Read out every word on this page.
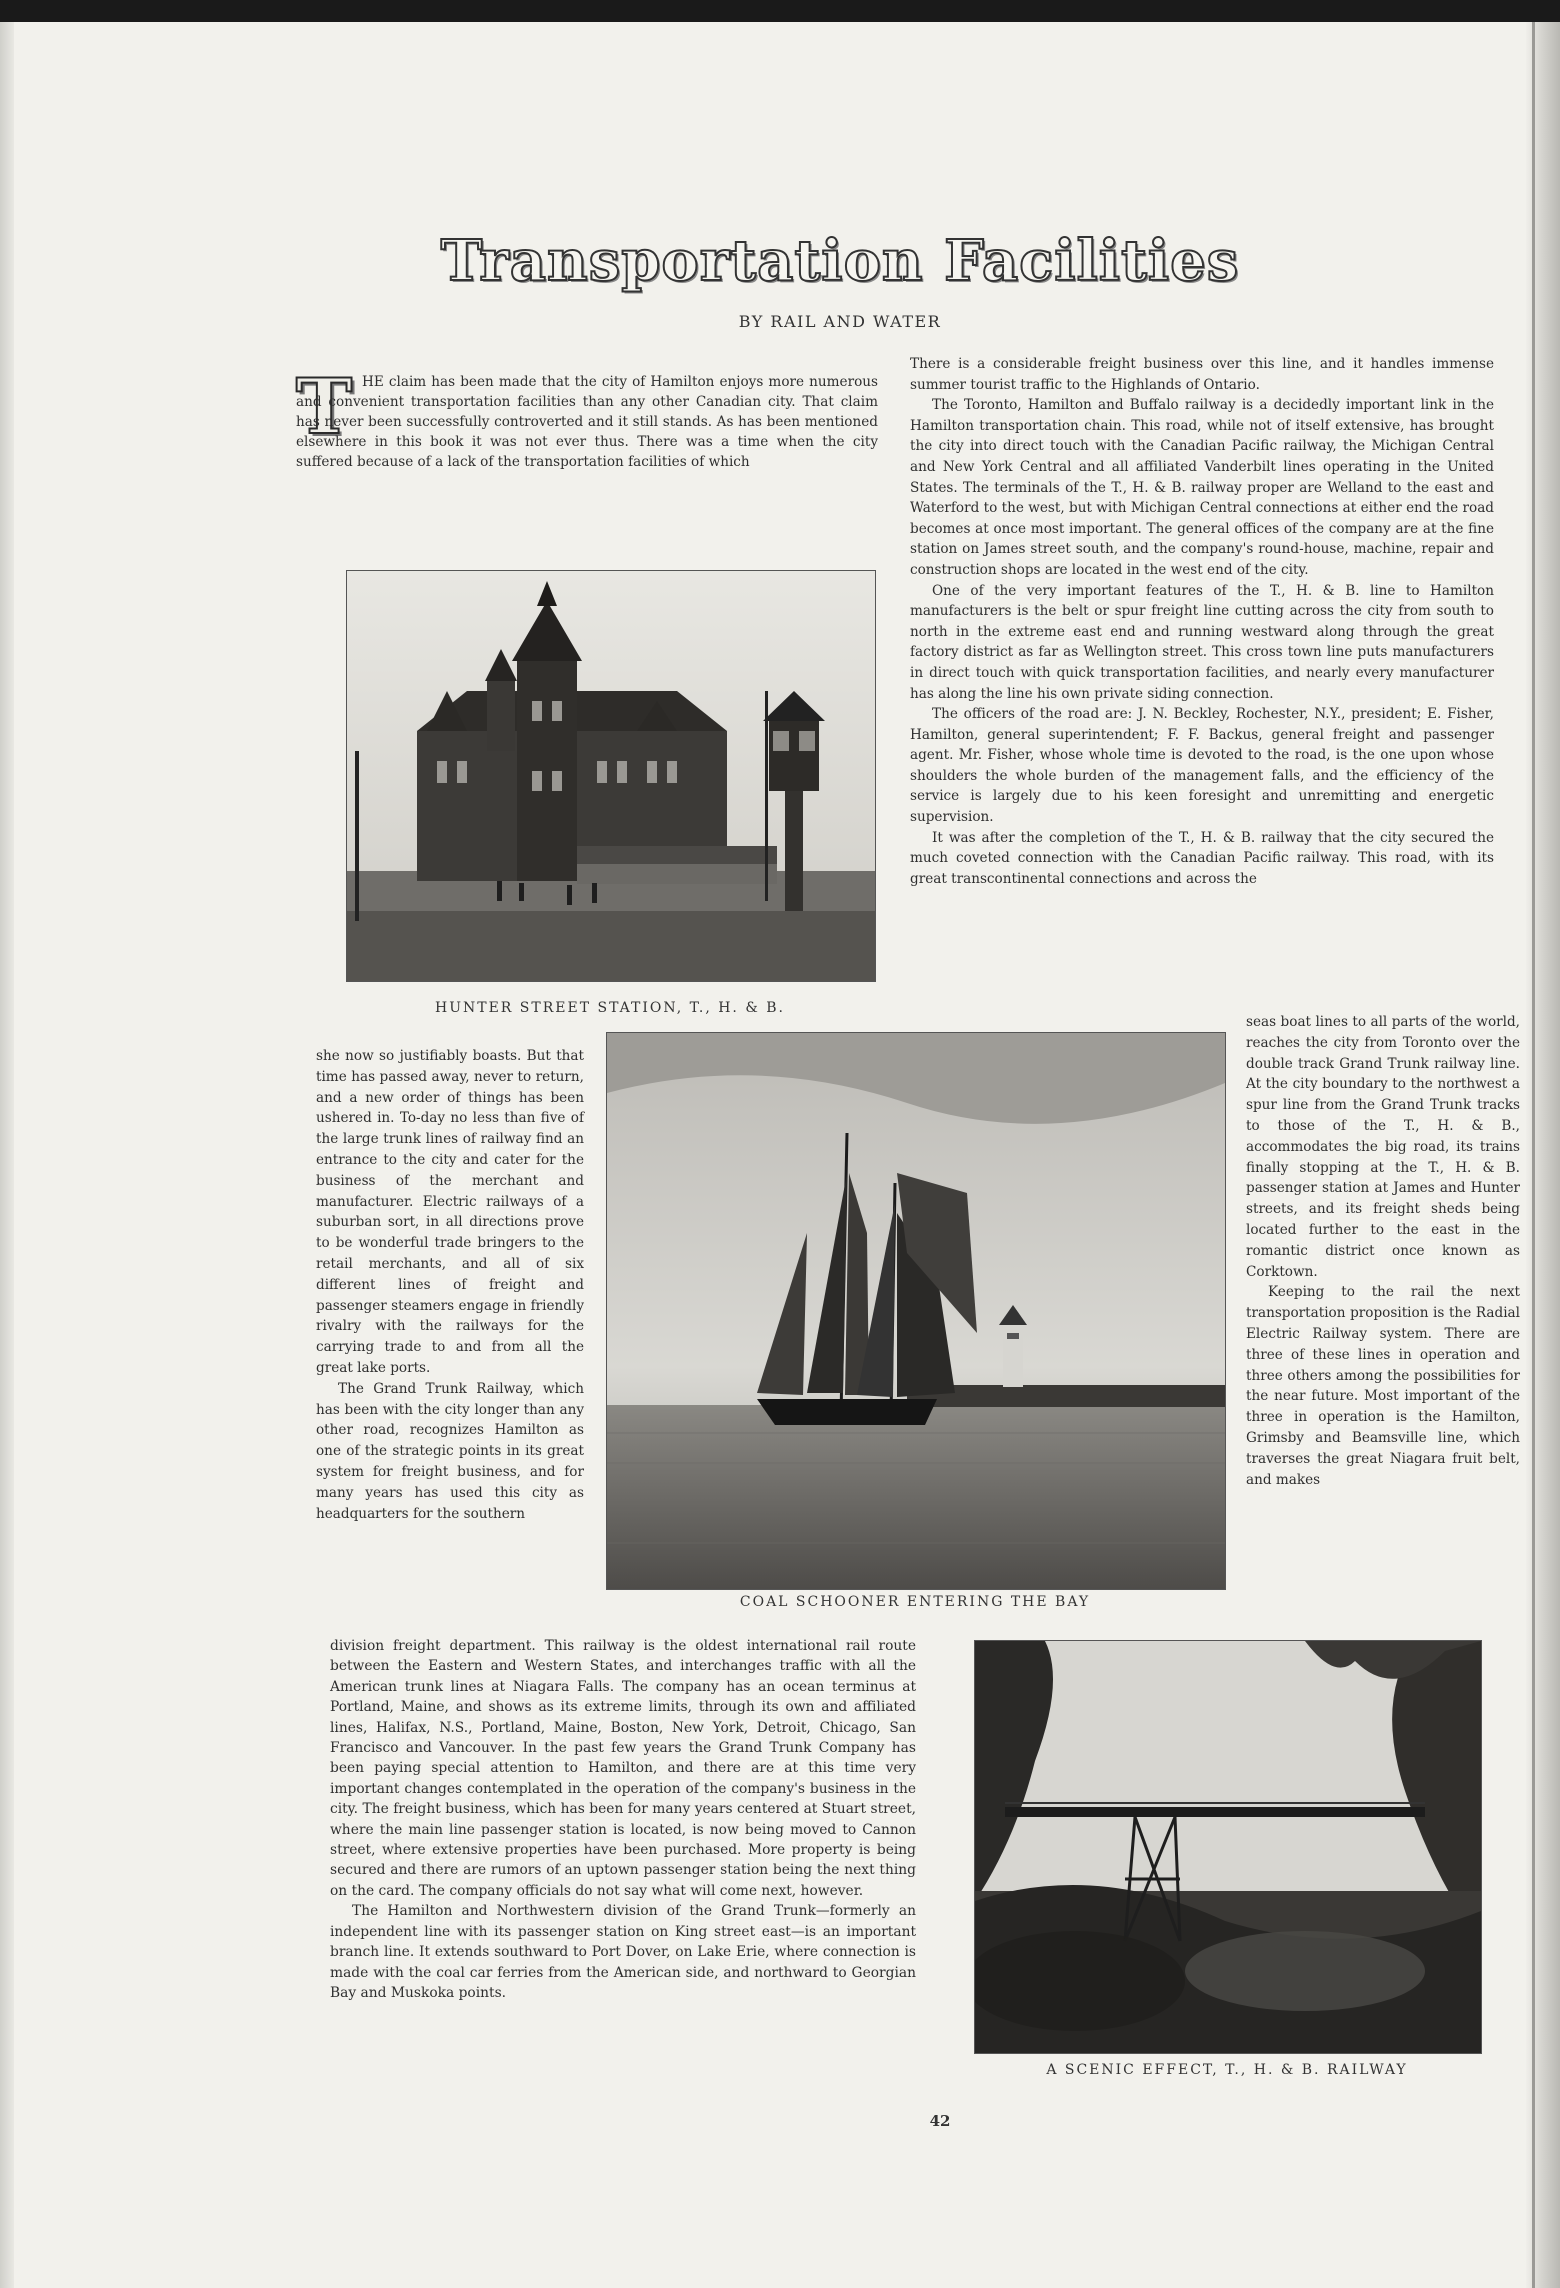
Transportation Facilities
BY RAIL AND WATER
T HE claim has been made that the city of Hamilton enjoys more numerous and convenient transportation facilities than any other Canadian city. That claim has never been successfully controverted and it still stands. As has been mentioned elsewhere in this book it was not ever thus. There was a time when the city suffered because of a lack of the transportation facilities of which
HUNTER STREET STATION, T., H. & B.

she now so justifiably boasts. But that time has passed away, never to return, and a new order of things has been ushered in. To-day no less than five of the large trunk lines of railway find an entrance to the city and cater for the business of the merchant and manufacturer. Electric railways of a suburban sort, in all directions prove to be wonderful trade bringers to the retail merchants, and all of six different lines of freight and passenger steamers engage in friendly rivalry with the railways for the carrying trade to and from all the great lake ports.

The Grand Trunk Railway, which has been with the city longer than any other road, recognizes Hamilton as one of the strategic points in its great system for freight business, and for many years has used this city as headquarters for the southern

COAL SCHOONER ENTERING THE BAY

division freight department. This railway is the oldest international rail route between the Eastern and Western States, and interchanges traffic with all the American trunk lines at Niagara Falls. The company has an ocean terminus at Portland, Maine, and shows as its extreme limits, through its own and affiliated lines, Halifax, N.S., Portland, Maine, Boston, New York, Detroit, Chicago, San Francisco and Vancouver. In the past few years the Grand Trunk Company has been paying special attention to Hamilton, and there are at this time very important changes contemplated in the operation of the company's business in the city. The freight business, which has been for many years centered at Stuart street, where the main line passenger station is located, is now being moved to Cannon street, where extensive properties have been purchased. More property is being secured and there are rumors of an uptown passenger station being the next thing on the card. The company officials do not say what will come next, however.

The Hamilton and Northwestern division of the Grand Trunk—formerly an independent line with its passenger station on King street east—is an important branch line. It extends southward to Port Dover, on Lake Erie, where connection is made with the coal car ferries from the American side, and northward to Georgian Bay and Muskoka points.

There is a considerable freight business over this line, and it handles immense summer tourist traffic to the Highlands of Ontario.

The Toronto, Hamilton and Buffalo railway is a decidedly important link in the Hamilton transportation chain. This road, while not of itself extensive, has brought the city into direct touch with the Canadian Pacific railway, the Michigan Central and New York Central and all affiliated Vanderbilt lines operating in the United States. The terminals of the T., H. & B. railway proper are Welland to the east and Waterford to the west, but with Michigan Central connections at either end the road becomes at once most important. The general offices of the company are at the fine station on James street south, and the company's round-house, machine, repair and construction shops are located in the west end of the city.

One of the very important features of the T., H. & B. line to Hamilton manufacturers is the belt or spur freight line cutting across the city from south to north in the extreme east end and running westward along through the great factory district as far as Wellington street. This cross town line puts manufacturers in direct touch with quick transportation facilities, and nearly every manufacturer has along the line his own private siding connection.

The officers of the road are: J. N. Beckley, Rochester, N.Y., president; E. Fisher, Hamilton, general superintendent; F. F. Backus, general freight and passenger agent. Mr. Fisher, whose whole time is devoted to the road, is the one upon whose shoulders the whole burden of the management falls, and the efficiency of the service is largely due to his keen foresight and unremitting and energetic supervision.

It was after the completion of the T., H. & B. railway that the city secured the much coveted connection with the Canadian Pacific railway. This road, with its great transcontinental connections and across the

seas boat lines to all parts of the world, reaches the city from Toronto over the double track Grand Trunk railway line. At the city boundary to the northwest a spur line from the Grand Trunk tracks to those of the T., H. & B., accommodates the big road, its trains finally stopping at the T., H. & B. passenger station at James and Hunter streets, and its freight sheds being located further to the east in the romantic district once known as Corktown.

Keeping to the rail the next transportation proposition is the Radial Electric Railway system. There are three of these lines in operation and three others among the possibilities for the near future. Most important of the three in operation is the Hamilton, Grimsby and Beamsville line, which traverses the great Niagara fruit belt, and makes

A SCENIC EFFECT, T., H. & B. RAILWAY
42
